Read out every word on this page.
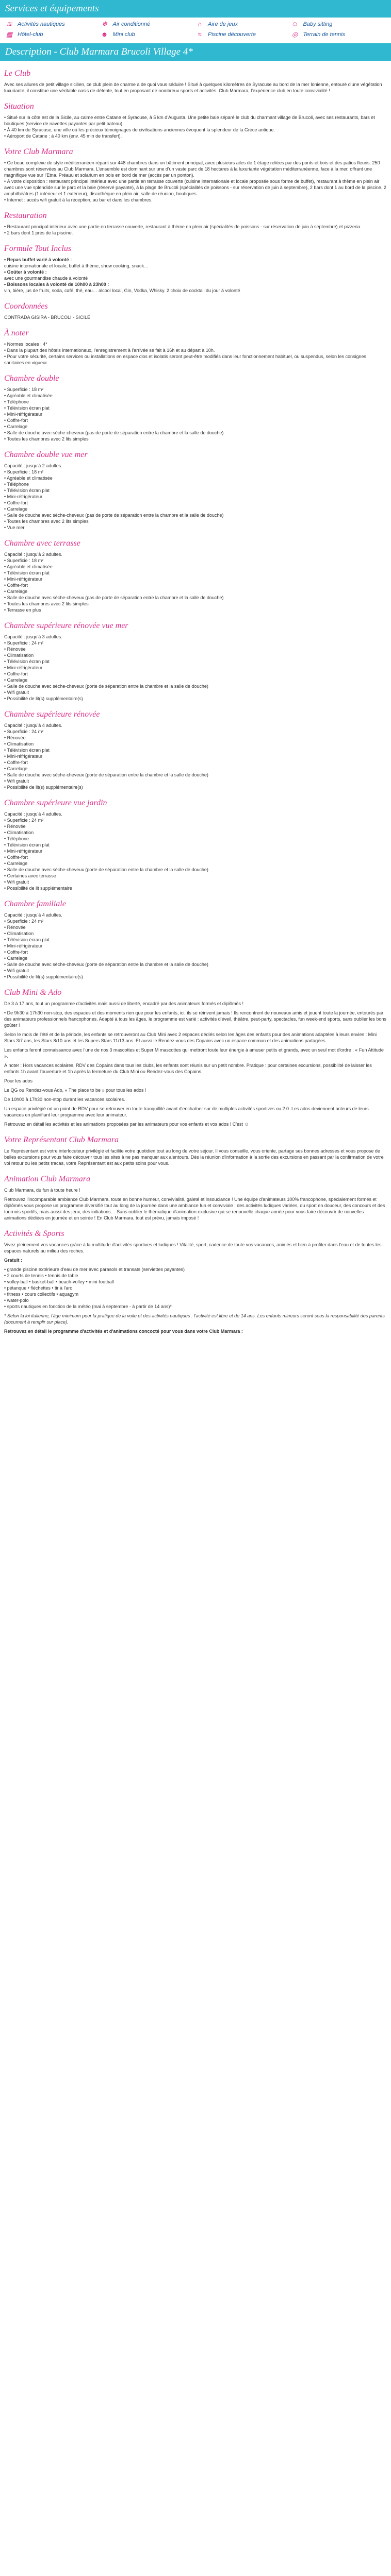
Services et équipements
≋ Activités nautiques	❄ Air conditionné	⌂	Aire de jeux	☺ Baby sitting
▦ Hôtel-club	☻ Mini club	≈	Piscine découverte	◎ Terrain de tennis
Description - Club Marmara Brucoli Village 4*
Le Club

Avec ses allures de petit village sicilien, ce club plein de charme a de quoi vous séduire ! Situé à quelques kilomètres de Syracuse au bord de la mer Ionienne, entouré d'une végétation luxuriante, il constitue une véritable oasis de détente, tout en proposant de nombreux sports et activités. Club Marmara, l'expérience club en toute convivialité !

Situation
• Situé sur la côte est de la Sicile, au calme entre Catane et Syracuse, à 5 km d'Augusta. Une petite baie séparé le club du charmant village de Brucoli, avec ses restaurants, bars et boutiques (service de navettes payantes par petit bateau).
• À 40 km de Syracuse, une ville où les précieux témoignages de civilisations anciennes évoquent la splendeur de la Grèce antique.
• Aéroport de Catane : à 40 km (env. 45 min de transfert).
Votre Club Marmara
• Ce beau complexe de style méditerranéen réparti sur 448 chambres dans un bâtiment principal, avec plusieurs ailes de 1 étage reliées par des ponts et bois et des patios fleuris. 250 chambres sont réservées au Club Marmara. L'ensemble est dominant sur une d'un vaste parc de 18 hectares à la luxuriante végétation méditerranéenne, face à la mer, offrant une magnifique vue sur l'Etna. Préauu et solarium en bois en bord de mer (accès par un ponton).
• À votre disposition : restaurant principal intérieur avec une partie en terrasse couverte (cuisine internationale et locale proposée sous forme de buffet), restaurant à thème en plein air avec une vue splendide sur le parc et la baie (réservé payante), à la plage de Brucoli (spécialités de poissons - sur réservation de juin à septembre), 2 bars dont 1 au bord de la piscine, 2 amphithéâtres (1 intérieur et 1 extérieur), discothèque en plein air, salle de réunion, boutiques.
• Internet : accès wifi gratuit à la réception, au bar et dans les chambres.
Restauration
• Restaurant principal intérieur avec une partie en terrasse couverte, restaurant à thème en plein air (spécialités de poissons - sur réservation de juin à septembre) et pizzeria.
• 2 bars dont 1 près de la piscine.
Formule Tout Inclus

• Repas buffet varié à volonté :

cuisine internationale et locale, buffet à thème, show cooking, snack…

• Goûter à volonté :

avec une gourmandise chaude à volonté

• Boissons locales à volonté de 10h00 à 23h00 :

vin, bière, jus de fruits, soda, café, thé, eau… alcool local, Gin, Vodka, Whisky. 2 choix de cocktail du jour à volonté

Coordonnées

CONTRADA GISIRA - BRUCOLI - SICILE

À noter
• Normes locales : 4*
• Dans la plupart des hôtels internationaux, l'enregistrement à l'arrivée se fait à 16h et au départ à 10h.
• Pour votre sécurité, certains services ou installations en espace clos et isolatis seront peut-être modifiés dans leur fonctionnement habituel, ou suspendus, selon les consignes sanitaires en vigueur.
Chambre double
• Superficie : 18 m²
• Agréable et climatisée
• Téléphone
• Télévision écran plat
• Mini-réfrigérateur
• Coffre-fort
• Carrelage
• Salle de douche avec sèche-cheveux (pas de porte de séparation entre la chambre et la salle de douche)
• Toutes les chambres avec 2 lits simples
Chambre double vue mer

Capacité : jusqu'à 2 adultes.

• Superficie : 18 m²
• Agréable et climatisée
• Téléphone
• Télévision écran plat
• Mini-réfrigérateur
• Coffre-fort
• Carrelage
• Salle de douche avec sèche-cheveux (pas de porte de séparation entre la chambre et la salle de douche)
• Toutes les chambres avec 2 lits simples
• Vue mer
Chambre avec terrasse

Capacité : jusqu'à 2 adultes.

• Superficie : 18 m²
• Agréable et climatisée
• Télévision écran plat
• Mini-réfrigérateur
• Coffre-fort
• Carrelage
• Salle de douche avec sèche-cheveux (pas de porte de séparation entre la chambre et la salle de douche)
• Toutes les chambres avec 2 lits simples
• Terrasse en plus
Chambre supérieure rénovée vue mer

Capacité : jusqu'à 3 adultes.

• Superficie : 24 m²
• Rénovée
• Climatisation
• Télévision écran plat
• Mini-réfrigérateur
• Coffre-fort
• Carrelage
• Salle de douche avec sèche-cheveux (porte de séparation entre la chambre et la salle de douche)
• Wifi gratuit
• Possibilité de lit(s) supplémentaire(s)
Chambre supérieure rénovée

Capacité : jusqu'à 4 adultes.

• Superficie : 24 m²
• Rénovée
• Climatisation
• Télévision écran plat
• Mini-réfrigérateur
• Coffre-fort
• Carrelage
• Salle de douche avec sèche-cheveux (porte de séparation entre la chambre et la salle de douche)
• Wifi gratuit
• Possibilité de lit(s) supplémentaire(s)
Chambre supérieure vue jardin

Capacité : jusqu'à 4 adultes.

• Superficie : 24 m²
• Rénovée
• Climatisation
• Téléphone
• Télévision écran plat
• Mini-réfrigérateur
• Coffre-fort
• Carrelage
• Salle de douche avec sèche-cheveux (porte de séparation entre la chambre et la salle de douche)
• Certaines avec terrasse
• Wifi gratuit
• Possibilité de lit supplémentaire
Chambre familiale

Capacité : jusqu'à 4 adultes.

• Superficie : 24 m²
• Rénovée
• Climatisation
• Télévision écran plat
• Mini-réfrigérateur
• Coffre-fort
• Carrelage
• Salle de douche avec sèche-cheveux (porte de séparation entre la chambre et la salle de douche)
• Wifi gratuit
• Possibilité de lit(s) supplémentaire(s)
Club Mini & Ado

De 3 à 17 ans, tout un programme d'activités mais aussi de liberté, encadré par des animateurs formés et diplômés !

• De 9h30 à 17h30 non-stop, des espaces et des moments rien que pour les enfants, ici, ils se réinvent jamais ! Ils rencontrent de nouveaux amis et jouent toute la journée, entourés par des animateurs professionnels francophones. Adapté à tous les âges, le programme est varié : activités d'éveil, théâtre, peut-party, spectacles, fun week-end sports, sans oublier les bons goûter !

Selon le mois de l'été et de la période, les enfants se retrouveront au Club Mini avec 2 espaces dédiés selon les âges des enfants pour des animations adaptées à leurs envies : Mini Stars 3/7 ans, les Stars 8/10 ans et les Supers Stars 11/13 ans. Et aussi le Rendez-vous des Copains avec un espace commun et des animations partagées.

Les enfants feront connaissance avec l'une de nos 3 mascottes et Super M mascottes qui mettront toute leur énergie à amuser petits et grands, avec un seul mot d'ordre : « Fun Attitude ».

À noter : Hors vacances scolaires, RDV des Copains dans tous les clubs, les enfants sont réunis sur un petit nombre. Pratique : pour certaines excursions, possibilité de laisser les enfants 1h avant l'ouverture et 1h après la fermeture du Club Mini ou Rendez-vous des Copains.

Pour les ados

Le QG ou Rendez-vous Ado, « The place to be » pour tous les ados !

De 10h00 à 17h30 non-stop durant les vacances scolaires.

Un espace privilégié où un point de RDV pour se retrouver en toute tranquillité avant d'enchaîner sur de multiples activités sportives ou 2.0. Les ados deviennent acteurs de leurs vacances en planifiant leur programme avec leur animateur.

Retrouvez en détail les activités et les animations proposées par les animateurs pour vos enfants et vos ados ! C'est ☺

Votre Représentant Club Marmara

Le Représentant est votre interlocuteur privilégié et facilite votre quotidien tout au long de votre séjour. Il vous conseille, vous oriente, partage ses bonnes adresses et vous propose de belles excursions pour vous faire découvrir tous les sites à ne pas manquer aux alentours. Dès la réunion d'information à la sortie des excursions en passant par la confirmation de votre vol retour ou les petits tracas, votre Représentant est aux petits soins pour vous.

Animation Club Marmara

Club Marmara, du fun à toute heure !

Retrouvez l'incomparable ambiance Club Marmara, toute en bonne humeur, convivialité, gaieté et insouciance ! Une équipe d'animateurs 100% francophone, spécialement formés et diplômés vous propose un programme diversifié tout au long de la journée dans une ambiance fun et conviviale : des activités ludiques variées, du sport en douceur, des concours et des tournois sportifs, mais aussi des jeux, des initiations… Sans oublier le thématique d'animation exclusive qui se renouvelle chaque année pour vous faire découvrir de nouvelles animations dédiées en journée et en soirée ! En Club Marmara, tout est prévu, jamais imposé !

Activités & Sports

Vivez pleinement vos vacances grâce à la multitude d'activités sportives et ludiques ! Vitalité, sport, cadence de toute vos vacances, animés et bien à profiter dans l'eau et de toutes les espaces naturels au milieu des roches.

Gratuit :

• grande piscine extérieure d'eau de mer avec parasols et transats (serviettes payantes)
• 2 courts de tennis • tennis de table
• volley-ball • basket-ball • beach-volley • mini-football
• pétanque • fléchettes • tir à l'arc
• fitness • cours collectifs • aquagym
• water-polo
• sports nautiques en fonction de la météo (mai à septembre - à partir de 14 ans)*

* Selon la loi italienne, l'âge minimum pour la pratique de la voile et des activités nautiques : l'activité est libre et de 14 ans. Les enfants mineurs seront sous la responsabilité des parents (document à remplir sur place).

Retrouvez en détail le programme d'activités et d'animations concocté pour vous dans votre Club Marmara :
